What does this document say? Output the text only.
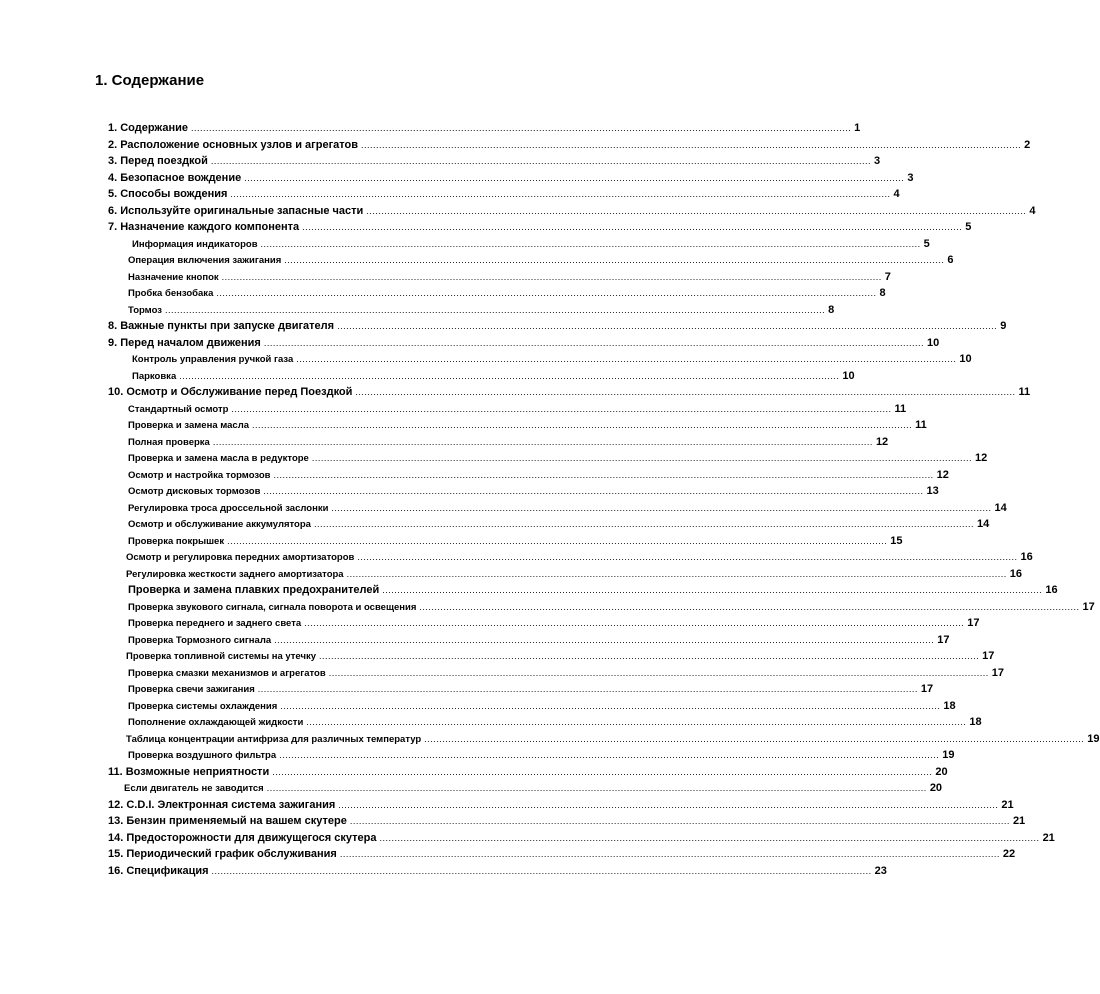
1. Содержание
1. Содержание ............................................................................................................................................................................................................................ 1
2. Расположение основных узлов и агрегатов ............................................................................................................................................................................................................................ 2
3. Перед поездкой ............................................................................................................................................................................................................................ 3
4. Безопасное вождение ............................................................................................................................................................................................................................ 3
5. Способы вождения ............................................................................................................................................................................................................................ 4
6. Используйте оригинальные запасные части ............................................................................................................................................................................................................................ 4
7. Назначение каждого компонента ............................................................................................................................................................................................................................ 5
Информация индикаторов ............................................................................................................................................................................................................................ 5
Операция включения зажигания ............................................................................................................................................................................................................................ 6
Назначение кнопок ............................................................................................................................................................................................................................ 7
Пробка бензобака ............................................................................................................................................................................................................................ 8
Тормоз ............................................................................................................................................................................................................................ 8
8. Важные пункты при запуске двигателя ............................................................................................................................................................................................................................ 9
9. Перед началом движения ............................................................................................................................................................................................................................ 10
Контроль управления ручкой газа ............................................................................................................................................................................................................................ 10
Парковка ............................................................................................................................................................................................................................ 10
10. Осмотр и Обслуживание перед Поездкой ............................................................................................................................................................................................................................ 11
Стандартный осмотр ............................................................................................................................................................................................................................ 11
Проверка и замена масла ............................................................................................................................................................................................................................ 11
Полная проверка ............................................................................................................................................................................................................................ 12
Проверка и замена масла в редукторе ............................................................................................................................................................................................................................ 12
Осмотр и настройка тормозов ............................................................................................................................................................................................................................ 12
Осмотр дисковых тормозов ............................................................................................................................................................................................................................ 13
Регулировка троса дроссельной заслонки ............................................................................................................................................................................................................................ 14
Осмотр и обслуживание аккумулятора ............................................................................................................................................................................................................................ 14
Проверка покрышек ............................................................................................................................................................................................................................ 15
Осмотр и регулировка передних амортизаторов ............................................................................................................................................................................................................................ 16
Регулировка жесткости заднего амортизатора ............................................................................................................................................................................................................................ 16
Проверка и замена плавких предохранителей ............................................................................................................................................................................................................................ 16
Проверка звукового сигнала, сигнала поворота и освещения ............................................................................................................................................................................................................................ 17
Проверка переднего и заднего света ............................................................................................................................................................................................................................ 17
Проверка Тормозного сигнала ............................................................................................................................................................................................................................ 17
Проверка топливной системы на утечку ............................................................................................................................................................................................................................ 17
Проверка смазки механизмов и агрегатов ............................................................................................................................................................................................................................ 17
Проверка свечи зажигания ............................................................................................................................................................................................................................ 17
Проверка системы охлаждения ............................................................................................................................................................................................................................ 18
Пополнение охлаждающей жидкости ............................................................................................................................................................................................................................ 18
Таблица концентрации антифриза для различных температур ............................................................................................................................................................................................................................ 19
Проверка воздушного фильтра ............................................................................................................................................................................................................................ 19
11. Возможные неприятности ............................................................................................................................................................................................................................ 20
Если двигатель не заводится ............................................................................................................................................................................................................................ 20
12. C.D.I. Электронная система зажигания ............................................................................................................................................................................................................................ 21
13. Бензин применяемый на вашем скутере ............................................................................................................................................................................................................................ 21
14. Предосторожности для движущегося скутера ............................................................................................................................................................................................................................ 21
15. Периодический график обслуживания ............................................................................................................................................................................................................................ 22
16. Спецификация ............................................................................................................................................................................................................................ 23
